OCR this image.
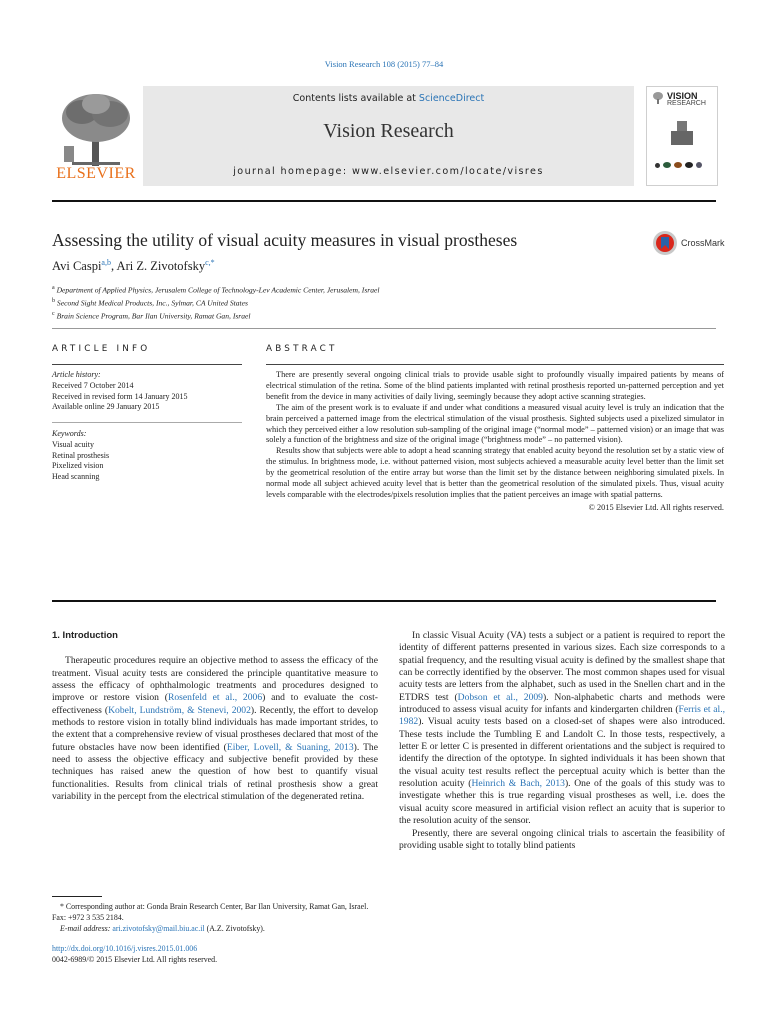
Vision Research 108 (2015) 77–84
ELSEVIER
Contents lists available at ScienceDirect
Vision Research
journal homepage: www.elsevier.com/locate/visres
VISION
RESEARCH
Assessing the utility of visual acuity measures in visual prostheses	CrossMark
Avi Caspi$^{a,b}$, Ari Z. Zivotofsky$^{c,*}$
$^a$ Department of Applied Physics, Jerusalem College of Technology-Lev Academic Center, Jerusalem, Israel
$^b$ Second Sight Medical Products, Inc., Sylmar, CA United States
$^c$ Brain Science Program, Bar Ilan University, Ramat Gan, Israel
ARTICLE INFO
Article history:
Received 7 October 2014
Received in revised form 14 January 2015
Available online 29 January 2015
Keywords:
Visual acuity
Retinal prosthesis
Pixelized vision
Head scanning
ABSTRACT

There are presently several ongoing clinical trials to provide usable sight to profoundly visually impaired patients by means of electrical stimulation of the retina. Some of the blind patients implanted with retinal prosthesis reported un-patterned perception and yet benefit from the device in many activities of daily living, seemingly because they adopt active scanning strategies.

The aim of the present work is to evaluate if and under what conditions a measured visual acuity level is truly an indication that the brain perceived a patterned image from the electrical stimulation of the visual prosthesis. Sighted subjects used a pixelized simulator in which they perceived either a low resolution sub-sampling of the original image (“normal mode” – patterned vision) or an image that was solely a function of the brightness and size of the original image (“brightness mode” – no patterned vision).

Results show that subjects were able to adopt a head scanning strategy that enabled acuity beyond the resolution set by a static view of the stimulus. In brightness mode, i.e. without patterned vision, most subjects achieved a measurable acuity level better than the limit set by the geometrical resolution of the entire array but worse than the limit set by the distance between neighboring simulated pixels. In normal mode all subject achieved acuity level that is better than the geometrical resolution of the simulated pixels. Thus, visual acuity levels comparable with the electrodes/pixels resolution implies that the patient perceives an image with spatial patterns.

© 2015 Elsevier Ltd. All rights reserved.

1. Introduction

Therapeutic procedures require an objective method to assess the efficacy of the treatment. Visual acuity tests are considered the principle quantitative measure to assess the efficacy of ophthalmologic treatments and procedures designed to improve or restore vision (Rosenfeld et al., 2006) and to evaluate the cost-effectiveness (Kobelt, Lundström, & Stenevi, 2002). Recently, the effort to develop methods to restore vision in totally blind individuals has made important strides, to the extent that a comprehensive review of visual prostheses declared that most of the future obstacles have now been identified (Eiber, Lovell, & Suaning, 2013). The need to assess the objective efficacy and subjective benefit provided by these techniques has raised anew the question of how best to quantify visual functionalities. Results from clinical trials of retinal prosthesis show a great variability in the percept from the electrical stimulation of the degenerated retina.

In classic Visual Acuity (VA) tests a subject or a patient is required to report the identity of different patterns presented in various sizes. Each size corresponds to a spatial frequency, and the resulting visual acuity is defined by the smallest shape that can be correctly identified by the observer. The most common shapes used for visual acuity tests are letters from the alphabet, such as used in the Snellen chart and in the ETDRS test (Dobson et al., 2009). Non-alphabetic charts and methods were introduced to assess visual acuity for infants and kindergarten children (Ferris et al., 1982). Visual acuity tests based on a closed-set of shapes were also introduced. These tests include the Tumbling E and Landolt C. In those tests, respectively, a letter E or letter C is presented in different orientations and the subject is required to identify the direction of the optotype. In sighted individuals it has been shown that the visual acuity test results reflect the perceptual acuity which is better than the resolution acuity (Heinrich & Bach, 2013). One of the goals of this study was to investigate whether this is true regarding visual prostheses as well, i.e. does the visual acuity score measured in artificial vision reflect an acuity that is superior to the resolution acuity of the sensor.

Presently, there are several ongoing clinical trials to ascertain the feasibility of providing usable sight to totally blind patients

* Corresponding author at: Gonda Brain Research Center, Bar Ilan University, Ramat Gan, Israel. Fax: +972 3 535 2184.

E-mail address: ari.zivotofsky@mail.biu.ac.il (A.Z. Zivotofsky).

http://dx.doi.org/10.1016/j.visres.2015.01.006
0042-6989/© 2015 Elsevier Ltd. All rights reserved.
